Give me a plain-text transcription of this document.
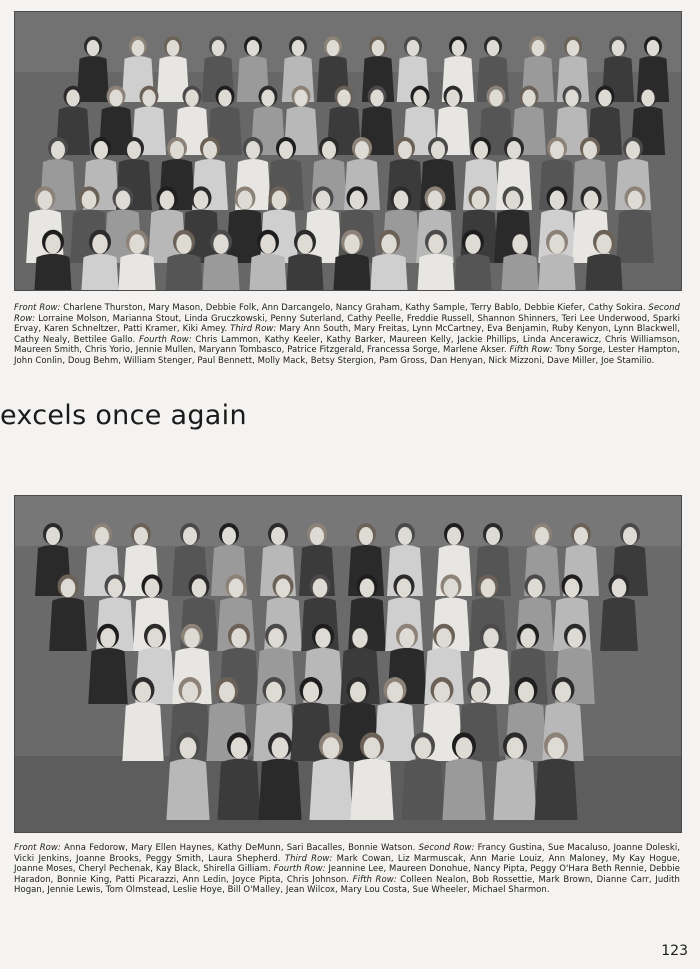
Front Row: Charlene Thurston, Mary Mason, Debbie Folk, Ann Darcangelo, Nancy Graham, Kathy Sample, Terry Bablo, Debbie Kiefer, Cathy Sokira. Second Row: Lorraine Molson, Marianna Stout, Linda Gruczkowski, Penny Suterland, Cathy Peelle, Freddie Russell, Shannon Shinners, Teri Lee Underwood, Sparki Ervay, Karen Schneltzer, Patti Kramer, Kiki Amey. Third Row: Mary Ann South, Mary Freitas, Lynn McCartney, Eva Benjamin, Ruby Kenyon, Lynn Blackwell, Cathy Nealy, Bettilee Gallo. Fourth Row: Chris Lammon, Kathy Keeler, Kathy Barker, Maureen Kelly, Jackie Phillips, Linda Ancerawicz, Chris Williamson, Maureen Smith, Chris Yorio, Jennie Mullen, Maryann Tombasco, Patrice Fitzgerald, Francessa Sorge, Marlene Akser. Fifth Row: Tony Sorge, Lester Hampton, John Conlin, Doug Behm, William Stenger, Paul Bennett, Molly Mack, Betsy Stergion, Pam Gross, Dan Henyan, Nick Mizzoni, Dave Miller, Joe Stamilio.

excels once again

Front Row: Anna Fedorow, Mary Ellen Haynes, Kathy DeMunn, Sari Bacalles, Bonnie Watson. Second Row: Francy Gustina, Sue Macaluso, Joanne Doleski, Vicki Jenkins, Joanne Brooks, Peggy Smith, Laura Shepherd. Third Row: Mark Cowan, Liz Marmuscak, Ann Marie Louiz, Ann Maloney, My Kay Hogue, Joanne Moses, Cheryl Pechenak, Kay Black, Shirella Gilliam. Fourth Row: Jeannine Lee, Maureen Donohue, Nancy Pipta, Peggy O'Hara Beth Rennie, Debbie Haradon, Bonnie King, Patti Picarazzi, Ann Ledin, Joyce Pipta, Chris Johnson. Fifth Row: Colleen Nealon, Bob Rossettie, Mark Brown, Dianne Carr, Judith Hogan, Jennie Lewis, Tom Olmstead, Leslie Hoye, Bill O'Malley, Jean Wilcox, Mary Lou Costa, Sue Wheeler, Michael Sharmon.

123
